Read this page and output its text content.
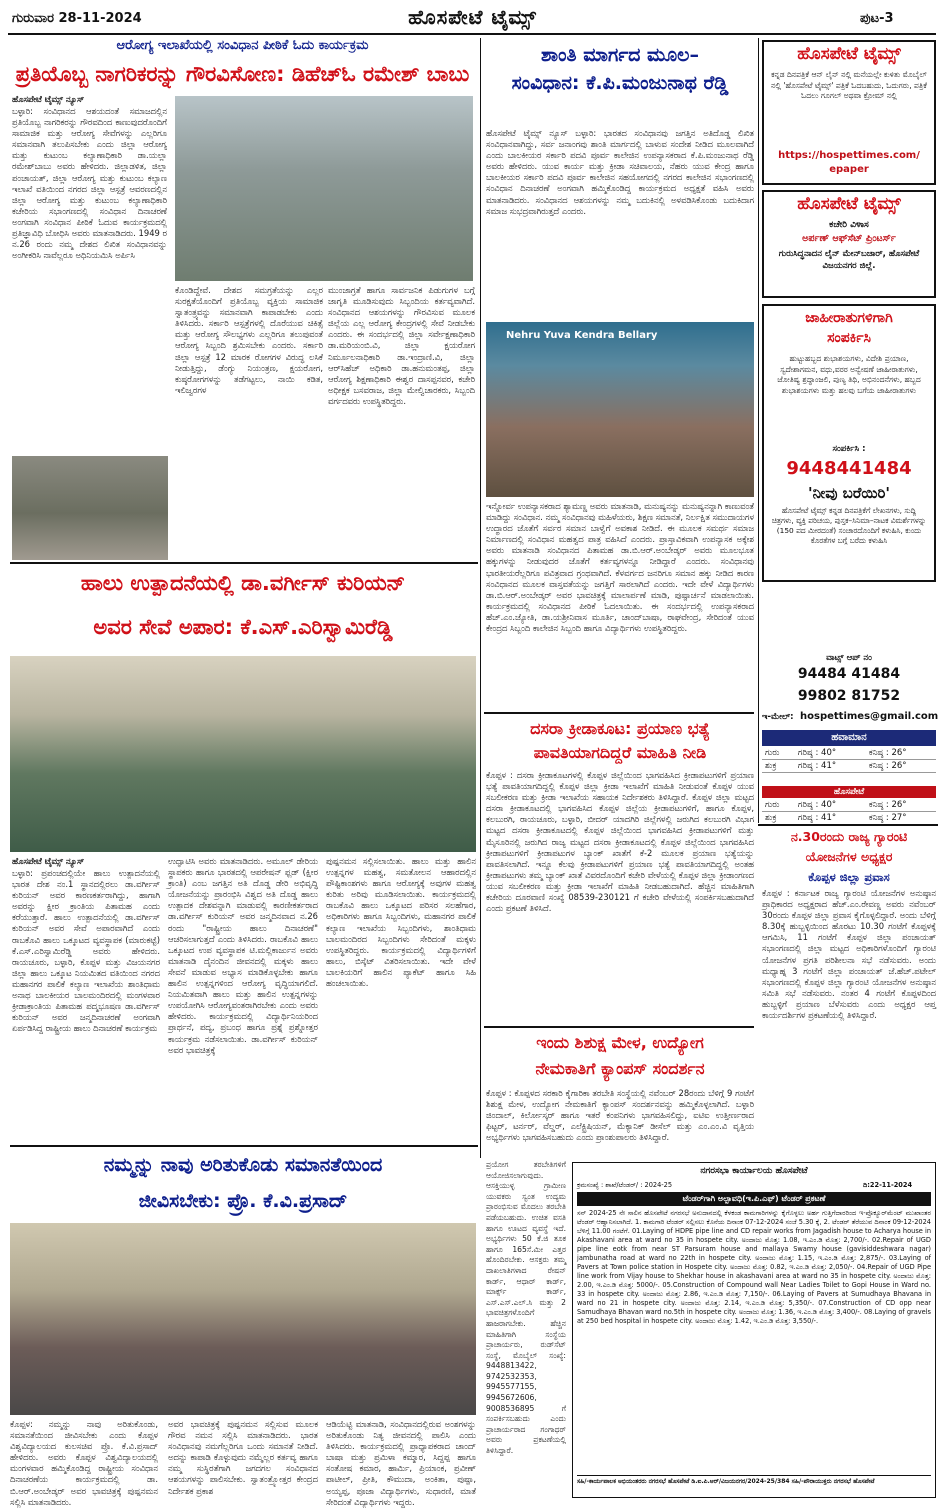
ಗುರುವಾರ 28-11-2024	ಹೊಸಪೇಟೆ ಟೈಮ್ಸ್	ಪುಟ-3
ಆರೋಗ್ಯ ಇಲಾಖೆಯಲ್ಲಿ ಸಂವಿಧಾನ ಪೀಠಿಕೆ ಓದು ಕಾರ್ಯಕ್ರಮ
ಪ್ರತಿಯೊಬ್ಬ ನಾಗರಿಕರನ್ನು ಗೌರವಿಸೋಣ: ಡಿಹೆಚ್‌ಓ ರಮೇಶ್ ಬಾಬು
ಹೊಸಪೇಟೆ ಟೈಮ್ಸ್ ನ್ಯೂಸ್
ಬಳ್ಳಾರಿ: ಸಂವಿಧಾನದ ಆಶಯದಂತೆ ಸಮಾಜದಲ್ಲಿನ ಪ್ರತಿಯೊಬ್ಬ ನಾಗರಿಕರನ್ನು ಗೌರವದಿಂದ ಕಾಣುವುದರೊಂದಿಗೆ ಸಾಮಾಜಿಕ ಮತ್ತು ಆರೋಗ್ಯ ಸೇವೆಗಳನ್ನು ಎಲ್ಲರಿಗೂ ಸಮಾನವಾಗಿ ತಲುಪಿಸಬೇಕು ಎಂದು ಜಿಲ್ಲಾ ಆರೋಗ್ಯ ಮತ್ತು ಕುಟುಂಬ ಕಲ್ಯಾಣಾಧಿಕಾರಿ ಡಾ.ಯಲ್ಲಾ ರಮೇಶ್‌ಬಾಬು ಅವರು ಹೇಳಿದರು. ಜಿಲ್ಲಾಡಳಿತ, ಜಿಲ್ಲಾ ಪಂಚಾಯತ್, ಜಿಲ್ಲಾ ಆರೋಗ್ಯ ಮತ್ತು ಕುಟುಂಬ ಕಲ್ಯಾಣ ಇಲಾಖೆ ವತಿಯಿಂದ ನಗರದ ಜಿಲ್ಲಾ ಆಸ್ಪತ್ರೆ ಆವರಣದಲ್ಲಿನ ಜಿಲ್ಲಾ ಆರೋಗ್ಯ ಮತ್ತು ಕುಟುಂಬ ಕಲ್ಯಾಣಾಧಿಕಾರಿ ಕಚೇರಿಯ ಸಭಾಂಗಣದಲ್ಲಿ ಸಂವಿಧಾನ ದಿನಾಚರಣೆ ಅಂಗವಾಗಿ ಸಂವಿಧಾನ ಪೀಠಿಕೆ ಓದುವ ಕಾರ್ಯಕ್ರಮದಲ್ಲಿ ಪ್ರತಿಜ್ಞಾವಿಧಿ ಬೋಧಿಸಿ ಅವರು ಮಾತನಾಡಿದರು. 1949 ರ ನ.26 ರಂದು ನಮ್ಮ ದೇಶದ ಲಿಖಿತ ಸಂವಿಧಾನವನ್ನು ಅಂಗೀಕರಿಸಿ ನಾವೆಲ್ಲರೂ ಅಧಿನಿಯಮಿಸಿ ಅರ್ಪಿಸಿ
ಕೊಂಡಿದ್ದೇವೆ. ದೇಶದ ಸಮಗ್ರತೆಯನ್ನು ಎಲ್ಲರ ಸುರಕ್ಷತೆಯೊಂದಿಗೆ ಪ್ರತಿಯೊಬ್ಬ ವ್ಯಕ್ತಿಯ ಸಾಮಾಜಿಕ ಸ್ವಾತಂತ್ರ್ಯವನ್ನು ಸಮಾನವಾಗಿ ಕಾಪಾಡಬೇಕು ಎಂದು ತಿಳಿಸಿದರು. ಸರ್ಕಾರಿ ಆಸ್ಪತ್ರೆಗಳಲ್ಲಿ ದೊರೆಯುವ ಚಿಕಿತ್ಸೆ ಮತ್ತು ಆರೋಗ್ಯ ಸೌಲಭ್ಯಗಳು ಎಲ್ಲರಿಗೂ ತಲುಪುವಂತೆ ಆರೋಗ್ಯ ಸಿಬ್ಬಂದಿ ಶ್ರಮಿಸಬೇಕು ಎಂದರು. ಸರ್ಕಾರಿ ಜಿಲ್ಲಾ ಆಸ್ಪತ್ರೆ 12 ಮಾರಕ ರೋಗಗಳ ವಿರುದ್ಧ ಲಸಿಕೆ ನೀಡುತ್ತಿದ್ದು, ಡೆಂಗ್ಯು ನಿಯಂತ್ರಣ, ಕ್ಷಯರೋಗ, ಕುಷ್ಠರೋಗಗಳನ್ನು ತಡೆಗಟ್ಟಲು, ನಾಯಿ ಕಡಿತ, ಇಲಿಜ್ವರಗಳ
ಮುಂಜಾಗ್ರತೆ ಹಾಗೂ ಸಾರ್ವಜನಿಕ ಪಿಡುಗುಗಳ ಬಗ್ಗೆ ಜಾಗೃತಿ ಮೂಡಿಸುವುದು ಸಿಬ್ಬಂದಿಯ ಕರ್ತವ್ಯವಾಗಿದೆ. ಸಂವಿಧಾನದ ಆಶಯಗಳನ್ನು ಗೌರವಿಸುವ ಮೂಲಕ ಜಿಲ್ಲೆಯ ಎಲ್ಲ ಆರೋಗ್ಯ ಕೇಂದ್ರಗಳಲ್ಲಿ ಸೇವೆ ನೀಡಬೇಕು ಎಂದರು. ಈ ಸಂದರ್ಭದಲ್ಲಿ ಜಿಲ್ಲಾ ಸರ್ವೇಕ್ಷಣಾಧಿಕಾರಿ ಡಾ.ಮರಿಯಂಬಿ.ವಿ, ಜಿಲ್ಲಾ ಕ್ಷಯರೋಗ ನಿರ್ಮೂಲನಾಧಿಕಾರಿ ಡಾ.ಇಂದ್ರಾಣಿ.ವಿ, ಜಿಲ್ಲಾ ಆರ್‌ಸಿಹೆಚ್ ಅಧಿಕಾರಿ ಡಾ.ಹನುಮಂತಪ್ಪ, ಜಿಲ್ಲಾ ಆರೋಗ್ಯ ಶಿಕ್ಷಣಾಧಿಕಾರಿ ಈಶ್ವರ ದಾಸಪ್ಪನವರ, ಕಚೇರಿ ಅಧೀಕ್ಷಕ ಬಸವರಾಜ, ಜಿಲ್ಲಾ ಮೇಲ್ವಿಚಾರಕರು, ಸಿಬ್ಬಂದಿ ವರ್ಗದವರು ಉಪಸ್ಥಿತರಿದ್ದರು.
ಶಾಂತಿ ಮಾರ್ಗದ ಮೂಲ–
ಸಂವಿಧಾನ: ಕೆ.ಪಿ.ಮಂಜುನಾಥ ರೆಡ್ಡಿ
ಹೊಸಪೇಟೆ ಟೈಮ್ಸ್ ನ್ಯೂಸ್ ಬಳ್ಳಾರಿ: ಭಾರತದ ಸಂವಿಧಾನವು ಜಗತ್ತಿನ ಅತಿದೊಡ್ಡ ಲಿಖಿತ ಸಂವಿಧಾನವಾಗಿದ್ದು, ಸರ್ವ ಜನಾಂಗವು ಶಾಂತಿ ಮಾರ್ಗದಲ್ಲಿ ಬಾಳುವ ಸಂದೇಶ ನೀಡಿದ ಮೂಲವಾಗಿದೆ ಎಂದು ಬಾಲಕೀಯರ ಸರ್ಕಾರಿ ಪದವಿ ಪೂರ್ವ ಕಾಲೇಜಿನ ಉಪನ್ಯಾಸಕರಾದ ಕೆ.ಪಿ.ಮಂಜುನಾಥ ರೆಡ್ಡಿ ಅವರು ಹೇಳಿದರು. ಯುವ ಕಾರ್ಯ ಮತ್ತು ಕ್ರೀಡಾ ಸಚಿವಾಲಯ, ನೆಹರು ಯುವ ಕೇಂದ್ರ ಹಾಗೂ ಬಾಲಕೀಯರ ಸರ್ಕಾರಿ ಪದವಿ ಪೂರ್ವ ಕಾಲೇಜಿನ ಸಹಯೋಗದಲ್ಲಿ ನಗರದ ಕಾಲೇಜಿನ ಸಭಾಂಗಣದಲ್ಲಿ ಸಂವಿಧಾನ ದಿನಾಚರಣೆ ಅಂಗವಾಗಿ ಹಮ್ಮಿಕೊಂಡಿದ್ದ ಕಾರ್ಯಕ್ರಮದ ಅಧ್ಯಕ್ಷತೆ ವಹಿಸಿ ಅವರು ಮಾತನಾಡಿದರು. ಸಂವಿಧಾನದ ಆಶಯಗಳನ್ನು ನಮ್ಮ ಬದುಕಿನಲ್ಲಿ ಅಳವಡಿಸಿಕೊಂಡು ಬದುಕಿದಾಗ ಸಮಾಜ ಸುಭದ್ರವಾಗಿರುತ್ತದೆ ಎಂದರು.
Nehru Yuva Kendra Bellary
ಇನ್ನೋರ್ವ ಉಪನ್ಯಾಸಕರಾದ ಶ್ಯಾಮಣ್ಣ ಅವರು ಮಾತನಾಡಿ, ಮನುಷ್ಯನನ್ನು ಮನುಷ್ಯನನ್ನಾಗಿ ಕಾಣುವಂತೆ ಮಾಡಿದ್ದು ಸಂವಿಧಾನ. ನಮ್ಮ ಸಂವಿಧಾನವು ಮಹಿಳೆಯರು, ಶಿಕ್ಷಣ ಸಮಾನತೆ, ನಿರ್ಲಕ್ಷಿತ ಸಮುದಾಯಗಳ ಉದ್ಧಾರದ ಜೊತೆಗೆ ಸರ್ವರ ಸಮಾನ ಬಾಳ್ವೆಗೆ ಅವಕಾಶ ನೀಡಿದೆ. ಈ ಮೂಲಕ ಸಮರ್ಥ ಸಮಾಜ ನಿರ್ಮಾಣದಲ್ಲಿ ಸಂವಿಧಾನ ಮಹತ್ವದ ಪಾತ್ರ ವಹಿಸಿದೆ ಎಂದರು. ಪ್ರಾಸ್ತಾವಿಕವಾಗಿ ಉಪನ್ಯಾಸಕ ಅಕ್ಕೇಶ ಅವರು ಮಾತನಾಡಿ ಸಂವಿಧಾನದ ಪಿತಾಮಹ ಡಾ.ಬಿ.ಆರ್.ಅಂಬೇಡ್ಕರ್ ಅವರು ಮೂಲಭೂತ ಹಕ್ಕುಗಳನ್ನು ನೀಡುವುದರ ಜೊತೆಗೆ ಕರ್ತವ್ಯಗಳನ್ನೂ ನೀಡಿದ್ದಾರೆ ಎಂದರು. ಸಂವಿಧಾನವು ಭಾರತೀಯರೆಲ್ಲರಿಗೂ ಪವಿತ್ರವಾದ ಗ್ರಂಥವಾಗಿದೆ. ಕೆಳವರ್ಗದ ಜನರಿಗೂ ಸಮಾನ ಹಕ್ಕು ನೀಡಿದ ಕಾರಣ ಸಂವಿಧಾನದ ಮೂಲಕ ವಾಸ್ತವತೆಯನ್ನು ಜಗತ್ತಿಗೆ ಸಾರಲಾಗಿದೆ ಎಂದರು. ಇದೇ ವೇಳೆ ವಿದ್ಯಾರ್ಥಿಗಳು ಡಾ.ಬಿ.ಆರ್.ಅಂಬೇಡ್ಕರ್ ಅವರ ಭಾವಚಿತ್ರಕ್ಕೆ ಮಾಲಾರ್ಪಣೆ ಮಾಡಿ, ಪುಷ್ಪಾರ್ಚನೆ ಮಾಡಲಾಯಿತು. ಕಾರ್ಯಕ್ರಮದಲ್ಲಿ ಸಂವಿಧಾನದ ಪೀಠಿಕೆ ಓದಲಾಯಿತು. ಈ ಸಂದರ್ಭದಲ್ಲಿ ಉಪನ್ಯಾಸಕರಾದ ಹೆಚ್.ಎಂ.ಜ್ಯೋತಿ, ಡಾ.ಯಶ್ರೀನಿವಾಸ ಮೂರ್ತಿ, ಚಾಂದ್‌ಬಾಷಾ, ರಾಘವೇಂದ್ರ, ಸೇರಿದಂತೆ ಯುವ ಕೇಂದ್ರದ ಸಿಬ್ಬಂದಿ ಕಾಲೇಜಿನ ಸಿಬ್ಬಂದಿ ಹಾಗೂ ವಿದ್ಯಾರ್ಥಿಗಳು ಉಪಸ್ಥಿತರಿದ್ದರು.
ಹೊಸಪೇಟೆ ಟೈಮ್ಸ್
ಕನ್ನಡ ದಿನಪತ್ರಿಕೆ ಆನ್ ಲೈನ್ ನಲ್ಲಿ ಮನೆಯಲ್ಲೇ ಕುಳಿತು ಮೊಬೈಲ್ ನಲ್ಲಿ 'ಹೊಸಪೇಟೆ ಟೈಮ್ಸ್' ಪತ್ರಿಕೆ ಓದಬಹುದು, ಓದುಗರು, ಪತ್ರಿಕೆ ಓದಲು ಗೂಗಲ್ ಅಥವಾ ಕ್ರೋಮ್ ನಲ್ಲಿ
https://hospettimes.com/
epaper
ಹೊಸಪೇಟೆ ಟೈಮ್ಸ್
ಕಚೇರಿ ವಿಳಾಸ
ಅರ್ಪಣ್ ಆಫ್‌ಸೆಟ್ ಪ್ರಿಂಟರ್ಸ್
ಗುರುಸಿದ್ಧನಾದನ ಲೈನ್ ಮೇನ್‌ಬಜಾರ್, ಹೊಸಪೇಟೆ ವಿಜಯನಗರ ಜಿಲ್ಲೆ.
ಜಾಹೀರಾತುಗಳಿಗಾಗಿ
ಸಂಪರ್ಕಿಸಿ
ಹುಟ್ಟುಹಬ್ಬದ ಶುಭಾಶಯಗಳು, ವಿದೇಶಿ ಪ್ರಯಾಣ, ಸ್ವದೇಶಾಗಮನ, ವಧು,ವರರ ಅನ್ವೇಷಣೆ ಜಾಹೀರಾತುಗಳು, ಜೋತಿಷ್ಯ ಶ್ರದ್ಧಾಂಜಲಿ, ಪುಣ್ಯ ತಿಥಿ, ಅಭಿನಂದನೆಗಳು, ಹಬ್ಬದ ಶುಭಾಶಯಗಳು ಮತ್ತು ಹಲವು ಬಗೆಯ ಜಾಹೀರಾತುಗಳು
ಸಂಪರ್ಕಿಸಿ :
9448441484
'ನೀವು ಬರೆಯಿರಿ'
ಹೊಸಪೇಟೆ ಟೈಮ್ಸ್ ಕನ್ನಡ ದಿನಪತ್ರಿಕೆಗೆ ಲೇಖನಗಳು, ಸುದ್ದಿ ಚಿತ್ರಗಳು, ವ್ಯಕ್ತಿ ಪರಿಚಯ, ಪುಸ್ತಕ–ಸಿನಿಮಾ–ನಾಟಕ ವಿಮರ್ಶೆಗಳನ್ನು (150 ಪದ ಮೀರದಂತೆ) ಸಂಚಾರದೊಂದಿಗೆ ಕಳುಹಿಸಿ, ಕುಂದು ಕೊರತೆಗಳ ಬಗ್ಗೆ ಬರೆದು ಕಳುಹಿಸಿ
ವಾಟ್ಸ್ ಆಪ್ ನಂ
94484 41484
99802 81752
ಇ-ಮೇಲ್: hospettimes@gmail.com
ಹವಾಮಾನ
ಗುರು	ಗರಿಷ್ಠ : 40°	ಕನಿಷ್ಠ : 26°
ಶುಕ್ರ	ಗರಿಷ್ಠ : 41°	ಕನಿಷ್ಠ : 26°
ಹೊಸಪೇಟೆ
ಗುರು	ಗರಿಷ್ಠ : 40°	ಕನಿಷ್ಠ : 26°
ಶುಕ್ರ	ಗರಿಷ್ಠ : 41°	ಕನಿಷ್ಠ : 27°
ಹಾಲು ಉತ್ಪಾದನೆಯಲ್ಲಿ ಡಾ.ವರ್ಗೀಸ್ ಕುರಿಯನ್
ಅವರ ಸೇವೆ ಅಪಾರ: ಕೆ.ಎಸ್.ಎರಿಸ್ವಾಮಿರೆಡ್ಡಿ
ಹೊಸಪೇಟೆ ಟೈಮ್ಸ್ ನ್ಯೂಸ್
ಬಳ್ಳಾರಿ: ಪ್ರಪಂಚದಲ್ಲಿಯೇ ಹಾಲು ಉತ್ಪಾದನೆಯಲ್ಲಿ ಭಾರತ ದೇಶ ನಂ.1 ಸ್ಥಾನದಲ್ಲಿರಲು ಡಾ.ವರ್ಗೀಸ್ ಕುರಿಯನ್ ಅವರ ಕಾರಣಕರ್ತರಾಗಿದ್ದು, ಹಾಗಾಗಿ ಅವರನ್ನು ಕ್ಷೀರ ಕ್ರಾಂತಿಯ ಪಿತಾಮಹ ಎಂದು ಕರೆಯುತ್ತಾರೆ. ಹಾಲು ಉತ್ಪಾದನೆಯಲ್ಲಿ ಡಾ.ವರ್ಗೀಸ್ ಕುರಿಯನ್ ಅವರ ಸೇವೆ ಅಪಾರವಾಗಿದೆ ಎಂದು ರಾಬಕೊವಿ ಹಾಲು ಒಕ್ಕೂಟದ ವ್ಯವಸ್ಥಾಪಕ (ಮಾರುಕಟ್ಟೆ) ಕೆ.ಎಸ್.ಎರಿಸ್ವಾಮಿರೆಡ್ಡಿ ಅವರು ಹೇಳಿದರು. ರಾಯಚೂರು, ಬಳ್ಳಾರಿ, ಕೊಪ್ಪಳ ಮತ್ತು ವಿಜಯನಗರ ಜಿಲ್ಲಾ ಹಾಲು ಒಕ್ಕೂಟ ನಿಯಮಿತದ ವತಿಯಿಂದ ನಗರದ ಮಹಾನಗರ ಪಾಲಿಕೆ ಕಲ್ಯಾಣ ಇಲಾಖೆಯ ಶಾಂತಿಧಾಮ ಅನಾಥ ಬಾಲಕೀಯರ ಬಾಲಮಂದಿರದಲ್ಲಿ ಮಂಗಳವಾರ ಕ್ರೀಡಾಕ್ರಾಂತಿಯ ಪಿತಾಮಹ ಪದ್ಮಭೂಷಣ ಡಾ.ವರ್ಗೀಸ್ ಕುರಿಯನ್ ಅವರ ಜನ್ಮದಿನಾಚರಣೆ ಅಂಗವಾಗಿ ಏರ್ಪಡಿಸಿದ್ದ ರಾಷ್ಟ್ರೀಯ ಹಾಲು ದಿನಾಚರಣೆ ಕಾರ್ಯಕ್ರಮ
ಉದ್ಘಾಟಿಸಿ ಅವರು ಮಾತನಾಡಿದರು. ಅಮೂಲ್ ಡೇರಿಯ ಸ್ಥಾಪಕರು ಹಾಗೂ ಭಾರತದಲ್ಲಿ ಆಪರೇಷನ್ ಫ್ಲಡ್ (ಕ್ಷೀರ ಕ್ರಾಂತಿ) ಎಂಬ ಜಗತ್ತಿನ ಅತಿ ದೊಡ್ಡ ಡೇರಿ ಅಭಿವೃದ್ಧಿ ಯೋಜನೆಯನ್ನು ಪ್ರಾರಂಭಿಸಿ ವಿಶ್ವದ ಅತಿ ದೊಡ್ಡ ಹಾಲು ಉತ್ಪಾದಕ ದೇಶವನ್ನಾಗಿ ಮಾಡುವಲ್ಲಿ ಕಾರಣೀಕರ್ತರಾದ ಡಾ.ವರ್ಗೀಸ್ ಕುರಿಯನ್ ಅವರ ಜನ್ಮದಿನವಾದ ನ.26 ರಂದು "ರಾಷ್ಟ್ರೀಯ ಹಾಲು ದಿನಾಚರಣೆ" ಆಚರಿಸಲಾಗುತ್ತದೆ ಎಂದು ತಿಳಿಸಿದರು. ರಾಬಕೊವಿ ಹಾಲು ಒಕ್ಕೂಟದ ಉಪ ವ್ಯವಸ್ಥಾಪಕ ಟಿ.ಮಲ್ಲಿಕಾರ್ಜುನ ಅವರು ಮಾತನಾಡಿ ದೈನಂದಿನ ಜೀವನದಲ್ಲಿ ಮಕ್ಕಳು ಹಾಲು ಸೇವನೆ ಮಾಡುವ ಅಭ್ಯಾಸ ಮಾಡಿಕೊಳ್ಳಬೇಕು ಹಾಗೂ ಹಾಲಿನ ಉತ್ಪನ್ನಗಳಿಂದ ಆರೋಗ್ಯ ವೃದ್ಧಿಯಾಗಲಿದೆ. ನಿಯಮಿತವಾಗಿ ಹಾಲು ಮತ್ತು ಹಾಲಿನ ಉತ್ಪನ್ನಗಳನ್ನು ಉಪಯೋಗಿಸಿ ಆರೋಗ್ಯವಂತರಾಗಿರಬೇಕು ಎಂದು ಅವರು ಹೇಳಿದರು. ಕಾರ್ಯಕ್ರಮದಲ್ಲಿ ವಿದ್ಯಾರ್ಥಿನಿಯರಿಂದ ಪ್ರಾರ್ಥನೆ, ಪದ್ಯ, ಪ್ರಬಂಧ ಹಾಗೂ ಪ್ರಶ್ನೆ ಪ್ರಶ್ನೋತ್ತರ ಕಾರ್ಯಕ್ರಮ ನಡೆಸಲಾಯಿತು. ಡಾ.ವರ್ಗೀಸ್ ಕುರಿಯನ್ ಅವರ ಭಾವಚಿತ್ರಕ್ಕೆ
ಪುಷ್ಪನಮನ ಸಲ್ಲಿಸಲಾಯಿತು. ಹಾಲು ಮತ್ತು ಹಾಲಿನ ಉತ್ಪನ್ನಗಳ ಮಹತ್ವ, ಸಮತೋಲನ ಆಹಾರದಲ್ಲಿನ ಪೌಷ್ಟಿಕಾಂಶಗಳು ಹಾಗೂ ಆರೋಗ್ಯಕ್ಕೆ ಅವುಗಳ ಮಹತ್ವ ಕುರಿತು ಅರಿವು ಮೂಡಿಸಲಾಯಿತು. ಕಾರ್ಯಕ್ರಮದಲ್ಲಿ ರಾಬಕೊವಿ ಹಾಲು ಒಕ್ಕೂಟದ ಪರಿಸರ ಸಲಹೆಗಾರ, ಅಧಿಕಾರಿಗಳು ಹಾಗೂ ಸಿಬ್ಬಂದಿಗಳು, ಮಹಾನಗರ ಪಾಲಿಕೆ ಕಲ್ಯಾಣ ಇಲಾಖೆಯ ಸಿಬ್ಬಂದಿಗಳು, ಶಾಂತಿಧಾಮ ಬಾಲಮಂದಿರದ ಸಿಬ್ಬಂದಿಗಳು ಸೇರಿದಂತೆ ಮಕ್ಕಳು ಉಪಸ್ಥಿತರಿದ್ದರು. ಕಾರ್ಯಕ್ರಮದಲ್ಲಿ ವಿದ್ಯಾರ್ಥಿಗಳಿಗೆ ಹಾಲು, ಬಿಸ್ಕೆಟ್ ವಿತರಿಸಲಾಯಿತು. ಇದೇ ವೇಳೆ ಬಾಲಕಿಯರಿಗೆ ಹಾಲಿನ ಪ್ಯಾಕೆಟ್ ಹಾಗೂ ಸಿಹಿ ಹಂಚಲಾಯಿತು.
ದಸರಾ ಕ್ರೀಡಾಕೂಟ: ಪ್ರಯಾಣ ಭತ್ಯೆ
ಪಾವತಿಯಾಗದಿದ್ದರೆ ಮಾಹಿತಿ ನೀಡಿ
ಕೊಪ್ಪಳ : ದಸರಾ ಕ್ರೀಡಾಕೂಟಗಳಲ್ಲಿ ಕೊಪ್ಪಳ ಜಿಲ್ಲೆಯಿಂದ ಭಾಗವಹಿಸಿದ ಕ್ರೀಡಾಪಟುಗಳಿಗೆ ಪ್ರಯಾಣ ಭತ್ಯೆ ಪಾವತಿಯಾಗದಿದ್ದಲ್ಲಿ ಕೊಪ್ಪಳ ಜಿಲ್ಲಾ ಕ್ರೀಡಾ ಇಲಾಖೆಗೆ ಮಾಹಿತಿ ನೀಡುವಂತೆ ಕೊಪ್ಪಳ ಯುವ ಸಬಲೀಕರಣ ಮತ್ತು ಕ್ರೀಡಾ ಇಲಾಖೆಯ ಸಹಾಯಕ ನಿರ್ದೇಶಕರು ತಿಳಿಸಿದ್ದಾರೆ. ಕೊಪ್ಪಳ ಜಿಲ್ಲಾ ಮಟ್ಟದ ದಸರಾ ಕ್ರೀಡಾಕೂಟದಲ್ಲಿ ಭಾಗವಹಿಸಿದ ಕೊಪ್ಪಳ ಜಿಲ್ಲೆಯ ಕ್ರೀಡಾಪಟುಗಳಿಗೆ, ಹಾಗೂ ಕೊಪ್ಪಳ, ಕಲಬುರಗಿ, ರಾಯಚೂರು, ಬಳ್ಳಾರಿ, ಬೀದರ್ ಯಾದಗಿರಿ ಜಿಲ್ಲೆಗಳಲ್ಲಿ ಜರುಗಿದ ಕಲಬುರಗಿ ವಿಭಾಗ ಮಟ್ಟದ ದಸರಾ ಕ್ರೀಡಾಕೂಟದಲ್ಲಿ ಕೊಪ್ಪಳ ಜಿಲ್ಲೆಯಿಂದ ಭಾಗವಹಿಸಿದ ಕ್ರೀಡಾಪಟುಗಳಿಗೆ ಮತ್ತು ಮೈಸೂರಿನಲ್ಲಿ ಜರುಗಿದ ರಾಜ್ಯ ಮಟ್ಟದ ದಸರಾ ಕ್ರೀಡಾಕೂಟದಲ್ಲಿ ಕೊಪ್ಪಳ ಜಿಲ್ಲೆಯಿಂದ ಭಾಗವಹಿಸಿದ ಕ್ರೀಡಾಪಟುಗಳಿಗೆ ಕ್ರೀಡಾಪಟುಗಳ ಬ್ಯಾಂಕ್ ಖಾತೆಗೆ ಕೆ-2 ಮೂಲಕ ಪ್ರಯಾಣ ಭತ್ಯೆಯನ್ನು ಪಾವತಿಸಲಾಗಿದೆ. ಇನ್ನೂ ಕೆಲವು ಕ್ರೀಡಾಪಟುಗಳಿಗೆ ಪ್ರಯಾಣ ಭತ್ಯೆ ಪಾವತಿಯಾಗದಿದ್ದಲ್ಲಿ ಅಂತಹ ಕ್ರೀಡಾಪಟುಗಳು ತಮ್ಮ ಬ್ಯಾಂಕ್ ಖಾತೆ ವಿವರದೊಂದಿಗೆ ಕಚೇರಿ ವೇಳೆಯಲ್ಲಿ ಕೊಪ್ಪಳ ಜಿಲ್ಲಾ ಕ್ರೀಡಾಂಗಣದ ಯುವ ಸಬಲೀಕರಣ ಮತ್ತು ಕ್ರೀಡಾ ಇಲಾಖೆಗೆ ಮಾಹಿತಿ ನೀಡಬಹುದಾಗಿದೆ. ಹೆಚ್ಚಿನ ಮಾಹಿತಿಗಾಗಿ ಕಚೇರಿಯ ದೂರವಾಣಿ ಸಂಖ್ಯೆ 08539-230121 ಗೆ ಕಚೇರಿ ವೇಳೆಯಲ್ಲಿ ಸಂಪರ್ಕಿಸಬಹುದಾಗಿದೆ ಎಂದು ಪ್ರಕಟಣೆ ತಿಳಿಸಿದೆ.
ನ.30ರಂದು ರಾಜ್ಯ ಗ್ಯಾರಂಟಿ
ಯೋಜನೆಗಳ ಅಧ್ಯಕ್ಷರ
ಕೊಪ್ಪಳ ಜಿಲ್ಲಾ ಪ್ರವಾಸ
ಕೊಪ್ಪಳ : ಕರ್ನಾಟಕ ರಾಜ್ಯ ಗ್ಯಾರಂಟಿ ಯೋಜನೆಗಳ ಅನುಷ್ಠಾನ ಪ್ರಾಧಿಕಾರದ ಅಧ್ಯಕ್ಷರಾದ ಹೆಚ್.ಎಂ.ರೇವಣ್ಣ ಅವರು ನವೆಂಬರ್ 30ರಂದು ಕೊಪ್ಪಳ ಜಿಲ್ಲಾ ಪ್ರವಾಸ ಕೈಗೊಳ್ಳಲಿದ್ದಾರೆ. ಅಂದು ಬೆಳಿಗ್ಗೆ 8.30ಕ್ಕೆ ಹುಬ್ಬಳ್ಳಿಯಿಂದ ಹೊರಟು 10.30 ಗಂಟೆಗೆ ಕೊಪ್ಪಳಕ್ಕೆ ಆಗಮಿಸಿ, 11 ಗಂಟೆಗೆ ಕೊಪ್ಪಳ ಜಿಲ್ಲಾ ಪಂಚಾಯತ್ ಸಭಾಂಗಣದಲ್ಲಿ ಜಿಲ್ಲಾ ಮಟ್ಟದ ಅಧಿಕಾರಿಗಳೊಂದಿಗೆ ಗ್ಯಾರಂಟಿ ಯೋಜನೆಗಳ ಪ್ರಗತಿ ಪರಿಶೀಲನಾ ಸಭೆ ನಡೆಸುವರು. ಅಂದು ಮಧ್ಯಾಹ್ನ 3 ಗಂಟೆಗೆ ಜಿಲ್ಲಾ ಪಂಚಾಯತ್ ಜೆ.ಹೆಚ್.ಪಟೇಲ್ ಸಭಾಂಗಣದಲ್ಲಿ ಕೊಪ್ಪಳ ಜಿಲ್ಲಾ ಗ್ಯಾರಂಟಿ ಯೋಜನೆಗಳ ಅನುಷ್ಠಾನ ಸಮಿತಿ ಸಭೆ ನಡೆಸುವರು. ನಂತರ 4 ಗಂಟೆಗೆ ಕೊಪ್ಪಳದಿಂದ ಹುಬ್ಬಳ್ಳಿಗೆ ಪ್ರಯಾಣ ಬೆಳೆಸುವರು ಎಂದು ಅಧ್ಯಕ್ಷರ ಆಪ್ತ ಕಾರ್ಯದರ್ಶಿಗಳ ಪ್ರಕಟಣೆಯಲ್ಲಿ ತಿಳಿಸಿದ್ದಾರೆ.
ಇಂದು ಶಿಶುಕ್ಷ ಮೇಳ, ಉದ್ಯೋಗ
ನೇಮಕಾತಿಗೆ ಕ್ಯಾಂಪಸ್ ಸಂದರ್ಶನ
ಕೊಪ್ಪಳ : ಕೊಪ್ಪಳದ ಸರಕಾರಿ ಕೈಗಾರಿಕಾ ತರಬೇತಿ ಸಂಸ್ಥೆಯಲ್ಲಿ ನವೆಂಬರ್ 28ರಂದು ಬೆಳಿಗ್ಗೆ 9 ಗಂಟೆಗೆ ಶಿಶುಕ್ಷ ಮೇಳ, ಉದ್ಯೋಗ ನೇಮಕಾತಿಗೆ ಕ್ಯಾಂಪಸ್ ಸಂದರ್ಶನವನ್ನು ಹಮ್ಮಿಕೊಳ್ಳಲಾಗಿದೆ. ಬಳ್ಳಾರಿ ಜಿಂದಾಲ್, ಕಿರ್ಲೋಸ್ಕರ್ ಹಾಗೂ ಇತರೆ ಕಂಪನಿಗಳು ಭಾಗವಹಿಸಲಿದ್ದು, ಐಟಿಐ ಉತ್ತೀರ್ಣರಾದ ಫಿಟ್ಟರ್, ಟರ್ನರ್, ವೆಲ್ಡರ್, ಎಲೆಕ್ಟ್ರಿಷಿಯನ್, ಮೆಕ್ಯಾನಿಕ್ ಡೀಸೆಲ್ ಮತ್ತು ಎಂ.ಎಂ.ವಿ ವೃತ್ತಿಯ ಅಭ್ಯರ್ಥಿಗಳು ಭಾಗವಹಿಸಬಹುದು ಎಂದು ಪ್ರಾಂಶುಪಾಲರು ತಿಳಿಸಿದ್ದಾರೆ.
ನಮ್ಮನ್ನು ನಾವು ಅರಿತುಕೊಡು ಸಮಾನತೆಯಿಂದ
ಜೀವಿಸಬೇಕು: ಪ್ರೊ. ಕೆ.ವಿ.ಪ್ರಸಾದ್
ಕೊಪ್ಪಳ: ನಮ್ಮನ್ನು ನಾವು ಅರಿತುಕೊಂಡು, ಸಮಾನತೆಯಿಂದ ಜೀವಿಸಬೇಕು ಎಂದು ಕೊಪ್ಪಳ ವಿಶ್ವವಿದ್ಯಾಲಯದ ಕುಲಸಚಿವ ಪ್ರೊ. ಕೆ.ವಿ.ಪ್ರಸಾದ್ ಹೇಳಿದರು. ಅವರು ಕೊಪ್ಪಳ ವಿಶ್ವವಿದ್ಯಾಲಯದಲ್ಲಿ ಮಂಗಳವಾರ ಹಮ್ಮಿಕೊಂಡಿದ್ದ ರಾಷ್ಟ್ರೀಯ ಸಂವಿಧಾನ ದಿನಾಚರಣೆಯ ಕಾರ್ಯಕ್ರಮದಲ್ಲಿ ಡಾ. ಬಿ.ಆರ್.ಅಂಬೇಡ್ಕರ್ ಅವರ ಭಾವಚಿತ್ರಕ್ಕೆ ಪುಷ್ಪನಮನ ಸಲ್ಲಿಸಿ ಮಾತನಾಡಿದರು.
ಅವರ ಭಾವಚಿತ್ರಕ್ಕೆ ಪುಷ್ಪನಮನ ಸಲ್ಲಿಸುವ ಮೂಲಕ ಗೌರವ ನಮನ ಸಲ್ಲಿಸಿ ಮಾತನಾಡಿದರು. ಭಾರತ ಸಂವಿಧಾನವು ನಮಗೆಲ್ಲರಿಗೂ ಒಂದು ಸಮಾನತೆ ನೀಡಿದೆ. ಅದನ್ನು ಕಾಪಾಡಿ ಕೊಳ್ಳುವುದು ನಮ್ಮೆಲ್ಲರ ಕರ್ತವ್ಯ ಹಾಗೂ ನಮ್ಮ ಸುಸ್ಥಿರತೆಗಾಗಿ ಜಗದಗಲ ಸಂವಿಧಾನದ ಆಶಯಗಳನ್ನು ಪಾಲಿಸಬೇಕು. ಸ್ವಾತಂತ್ರ್ಯೋತ್ತರ ಕೇಂದ್ರದ ನಿರ್ದೇಶಕ ಪ್ರಕಾಶ
ಆಡಿಯೆಟ್ಟಿ ಮಾತನಾಡಿ, ಸಂವಿಧಾನದಲ್ಲಿರುವ ಅಂಶಗಳನ್ನು ಅರಿತುಕೊಂಡು ನಿತ್ಯ ಜೀವನದಲ್ಲಿ ಪಾಲಿಸಿ ಎಂದು ತಿಳಿಸಿದರು. ಕಾರ್ಯಕ್ರಮದಲ್ಲಿ ಪ್ರಾಧ್ಯಾಪಕರಾದ ಚಾಂದ್ ಬಾಷಾ ಮತ್ತು ಪ್ರಮಿಳಾ ಕಮ್ಮಾರ, ಸಿದ್ದಪ್ಪ ಹಾಗೂ ಸಂತೋಷ ಕಮಾರ, ಹಾರ್ಮಿ, ಪ್ರಿಯಾಂಕ, ಪ್ರವೀಣ್ ಪಾಟೀಲ್, ಪ್ರೀತಿ, ಕೌಮುದಾ, ಅಂಕಿತಾ, ಪುಷ್ಪಾ, ಅಯ್ಯಪ್ಪ, ಪೂಜಾ ವಿದ್ಯಾರ್ಥಿಗಳು, ಸುಧಾರಣಿ, ಮಾತೆ ಸೇರಿದಂತೆ ವಿದ್ಯಾರ್ಥಿಗಳು ಇದ್ದರು.
ಪ್ರಯೋಗ ತರಬೇತಿಗಳಿಗೆ ಆಯೋಜಿಸಲಾಗುವುದು. ಆಸಕ್ತಿಯುಳ್ಳ ಗ್ರಾಮೀಣ ಯುವಕರು ಸ್ವಂತ ಉದ್ಯಮ ಪ್ರಾರಂಭಿಸುವ ಮೊದಲು ತರಬೇತಿ ಪಡೆಯಬಹುದು. ಉಚಿತ ವಸತಿ ಹಾಗೂ ಊಟದ ವ್ಯವಸ್ಥೆ ಇದೆ. ಅಭ್ಯರ್ಥಿಗಳು 50 ಕೆ.ಜಿ ತೂಕ ಹಾಗೂ 165ಸೆ.ಮೀ ಎತ್ತರ ಹೊಂದಿರಬೇಕು. ಆಸಕ್ತರು ತಮ್ಮ ದಾಖಲಾತಿಗಳಾದ ರೇಷನ್ ಕಾರ್ಡ್, ಆಧಾರ್ ಕಾರ್ಡ್, ಮಾರ್ಕ್ಸ್ ಕಾರ್ಡ್, ಎಸ್.ಎಸ್.ಎಲ್.ಸಿ ಮತ್ತು 2 ಭಾವಚಿತ್ರಗಳೊಂದಿಗೆ ಹಾಜರಾಗಬೇಕು. ಹೆಚ್ಚಿನ ಮಾಹಿತಿಗಾಗಿ ಸಂಸ್ಥೆಯ ಪ್ರಾಚಾರ್ಯರು, ರುಡ್‌ಸೆಟ್ ಸಂಸ್ಥೆ, ಮೊಬೈಲ್ ಸಂಖ್ಯೆ: 9448813422, 9742532353, 9945577155, 9945672606, 9008536895 ಗೆ ಸಂಪರ್ಕಿಸಬಹುದು ಎಂದು ಪ್ರಾಚಾರ್ಯರಾದ ಗಂಗಾಧರ್ ಅವರು ಪ್ರಕಟಣೆಯಲ್ಲಿ ತಿಳಿಸಿದ್ದಾರೆ.
ನಗರಸಭಾ ಕಾರ್ಯಾಲಯ ಹೊಸಪೇಟೆ
ಕ್ರಮಸಂಖ್ಯೆ : ಶಾಖೆ/ಟೆಂಡರ್/ : 2024-25	ದಿ:22-11-2024
ಟೆಂಡರ್‌ಗಾಗಿ ಅಲ್ಪಾವಧಿ(ಇ.ಪಿ.ಎಫ್) ಟೆಂಡರ್ ಪ್ರಕಟಣೆ
ಸನ್ 2024-25 ನೇ ಸಾಲಿನ ಹೊಸಪೇಟೆ ನಗರಸಭೆ ಅನುದಾನದಲ್ಲಿ ಕೆಳಕಂಡ ಕಾಮಗಾರಿಗಳನ್ನು ಕೈಗೊಳ್ಳಲು ಅರ್ಹ ಗುತ್ತಿಗೆದಾರರಿಂದ ಇ-ಪ್ರೊಕ್ಯೂರ್‌ಮೆಂಟ್ ಮುಖಾಂತರ ಟೆಂಡರ್ ಆಹ್ವಾನಿಸಲಾಗಿದೆ. 1. ಕಾಮಗಾರಿ ಟೆಂಡರ್ ಸಲ್ಲಿಸಲು ಕೊನೆಯ ದಿನಾಂಕ 07-12-2024 ಸಂಜೆ 5.30 ಕ್ಕೆ, 2. ಟೆಂಡರ್ ತೆರೆಯುವ ದಿನಾಂಕ 09-12-2024 ಬೆಳಿಗ್ಗೆ 11.00 ಗಂಟೆಗೆ. 01.Laying of HDPE pipe line and CD repair works from Jagadish house to Acharya house in Akashavani area at ward no 35 in hospete city. ಅಂದಾಜು ಮೊತ್ತ: 1.08, ಇ.ಎಂ.ಡಿ ಮೊತ್ತ: 2,700/-. 02.Repair of UGD pipe line eotk from near ST Parsuram house and mallaya Swamy house (gavisiddeshwara nagar) jambunatha road at ward no 22th in hospete city. ಅಂದಾಜು ಮೊತ್ತ: 1.15, ಇ.ಎಂ.ಡಿ ಮೊತ್ತ: 2,875/-. 03.Laying of Pavers at Town police station in Hospete city. ಅಂದಾಜು ಮೊತ್ತ: 0.82, ಇ.ಎಂ.ಡಿ ಮೊತ್ತ: 2,050/-. 04.Repair of UGD Pipe line work from Vijay house to Shekhar house in akashavani area at ward no 35 in hospete city. ಅಂದಾಜು ಮೊತ್ತ: 2.00, ಇ.ಎಂ.ಡಿ ಮೊತ್ತ: 5000/-. 05.Construction of Compound wall Near Ladies Toilet to Gopi House in Ward no. 33 in hospete city. ಅಂದಾಜು ಮೊತ್ತ: 2.86, ಇ.ಎಂ.ಡಿ ಮೊತ್ತ: 7,150/-. 06.Laying of Pavers at Sumudhaya Bhavana in ward no 21 in hospete city. ಅಂದಾಜು ಮೊತ್ತ: 2.14, ಇ.ಎಂ.ಡಿ ಮೊತ್ತ: 5,350/-. 07.Construction of CD opp near Samudhaya Bhavan ward no.5th in hospete city. ಅಂದಾಜು ಮೊತ್ತ: 1.36, ಇ.ಎಂ.ಡಿ ಮೊತ್ತ: 3,400/-. 08.Laying of gravels at 250 bed hospital in hospete city. ಅಂದಾಜು ಮೊತ್ತ: 1.42, ಇ.ಎಂ.ಡಿ ಮೊತ್ತ: 3,550/-.
ಸಹಿ/-ಕಾರ್ಯಪಾಲಕ ಅಭಿಯಂತರರು ನಗರಸಭೆ ಹೊಸಪೇಟೆ ಡಿ.ಐ.ಪಿ.ಆರ್/ವಿಜಯನಗರ/2024-25/384 ಸಹಿ/-ಪೌರಾಯುಕ್ತರು ನಗರಸಭೆ ಹೊಸಪೇಟೆ
